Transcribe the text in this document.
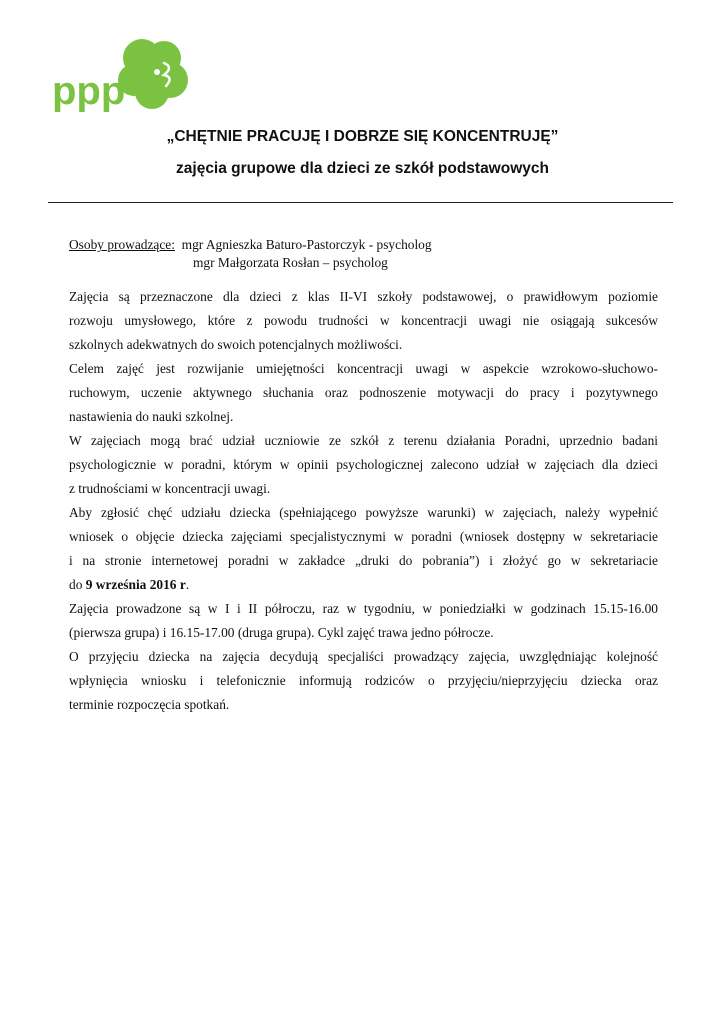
ppp
„CHĘTNIE PRACUJĘ I DOBRZE SIĘ KONCENTRUJĘ”
zajęcia grupowe dla dzieci ze szkół podstawowych
Osoby prowadzące: mgr Agnieszka Baturo-Pastorczyk - psycholog
mgr Małgorzata Rosłan – psycholog
Zajęcia są przeznaczone dla dzieci z klas II-VI szkoły podstawowej, o prawidłowym poziomie
rozwoju umysłowego, które z powodu trudności w koncentracji uwagi nie osiągają sukcesów
szkolnych adekwatnych do swoich potencjalnych możliwości.
Celem zajęć jest rozwijanie umiejętności koncentracji uwagi w aspekcie wzrokowo-słuchowo-
ruchowym, uczenie aktywnego słuchania oraz podnoszenie motywacji do pracy i pozytywnego
nastawienia do nauki szkolnej.
W zajęciach mogą brać udział uczniowie ze szkół z terenu działania Poradni, uprzednio badani
psychologicznie w poradni, którym w opinii psychologicznej zalecono udział w zajęciach dla dzieci
z trudnościami w koncentracji uwagi.
Aby zgłosić chęć udziału dziecka (spełniającego powyższe warunki) w zajęciach, należy wypełnić
wniosek o objęcie dziecka zajęciami specjalistycznymi w poradni (wniosek dostępny w sekretariacie
i na stronie internetowej poradni w zakładce „druki do pobrania”) i złożyć go w sekretariacie
do 9 września 2016 r.
Zajęcia prowadzone są w I i II półroczu, raz w tygodniu, w poniedziałki w godzinach 15.15-16.00
(pierwsza grupa) i 16.15-17.00 (druga grupa). Cykl zajęć trawa jedno półrocze.
O przyjęciu dziecka na zajęcia decydują specjaliści prowadzący zajęcia, uwzględniając kolejność
wpłynięcia wniosku i telefonicznie informują rodziców o przyjęciu/nieprzyjęciu dziecka oraz
terminie rozpoczęcia spotkań.
